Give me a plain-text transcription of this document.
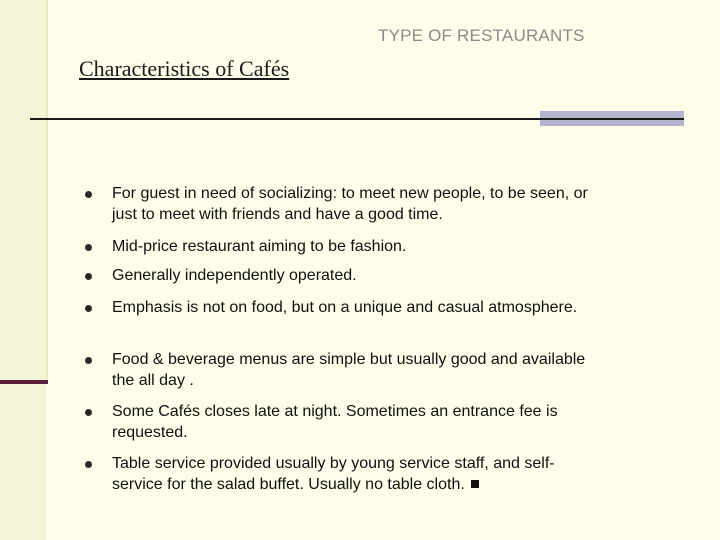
TYPE OF RESTAURANTS
Characteristics of Cafés
For guest in need of socializing: to meet new people, to be seen, or just to meet with friends and have a good time.
Mid-price restaurant aiming to be fashion.
Generally independently operated.
Emphasis is not on food, but on a unique and casual atmosphere.
Food & beverage menus are simple but usually good and available the all day .
Some Cafés closes late at night. Sometimes an entrance fee is requested.
Table service provided usually by young service staff, and self-service for the salad buffet. Usually no table cloth.
